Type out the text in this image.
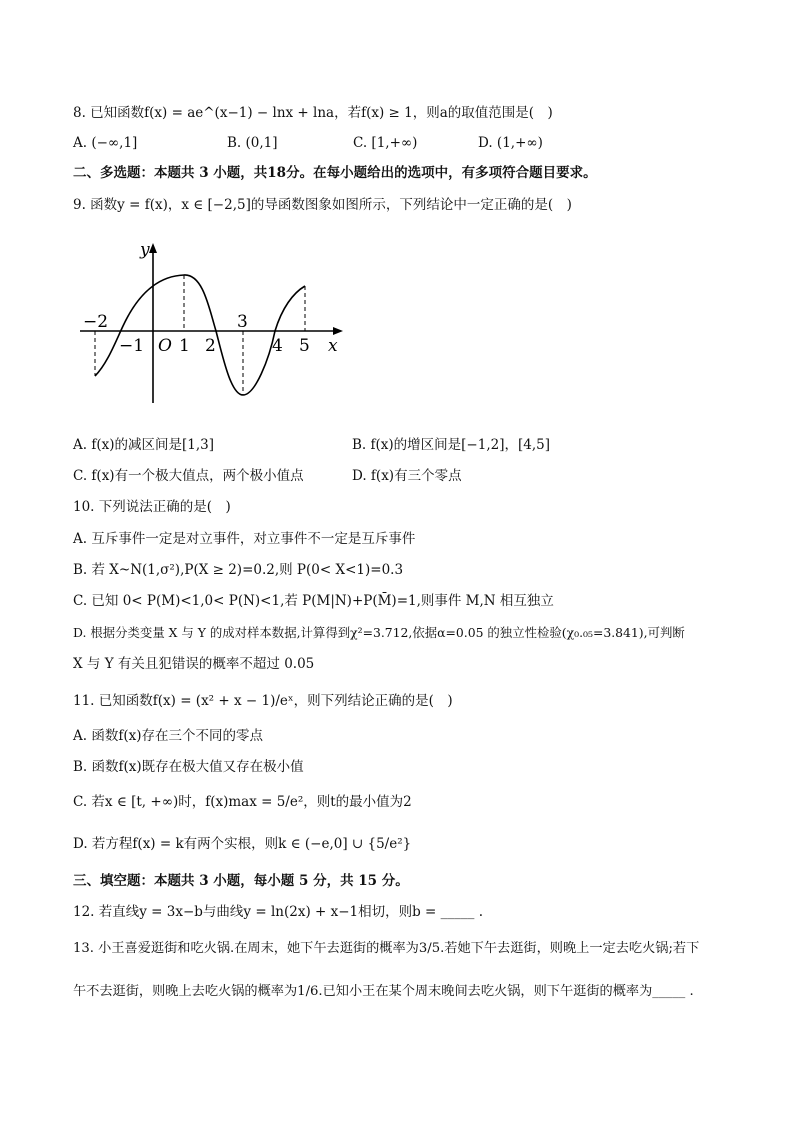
8. 已知函数f(x) = ae^(x−1) − lnx + lna，若f(x) ≥ 1，则a的取值范围是(　)
A. (−∞,1]	B. (0,1]	C. [1,+∞)	D. (1,+∞)
二、多选题：本题共 3 小题，共18分。在每小题给出的选项中，有多项符合题目要求。
9. 函数y = f(x)，x ∈ [−2,5]的导函数图象如图所示，下列结论中一定正确的是(　)
y
x
O
−2
−1 1 2
3
4 5
A. f(x)的减区间是[1,3]	B. f(x)的增区间是[−1,2]，[4,5]
C. f(x)有一个极大值点，两个极小值点	D. f(x)有三个零点
10. 下列说法正确的是(　)
A. 互斥事件一定是对立事件，对立事件不一定是互斥事件
B. 若 X~N(1,σ²),P(X ≥ 2)=0.2,则 P(0< X<1)=0.3
C. 已知 0< P(M)<1,0< P(N)<1,若 P(M|N)+P(M̄)=1,则事件 M,N 相互独立
D. 根据分类变量 X 与 Y 的成对样本数据,计算得到χ²=3.712,依据α=0.05 的独立性检验(χ₀.₀₅=3.841),可判断
X 与 Y 有关且犯错误的概率不超过 0.05
11. 已知函数f(x) = (x² + x − 1)/eˣ，则下列结论正确的是(　)
A. 函数f(x)存在三个不同的零点
B. 函数f(x)既存在极大值又存在极小值
C. 若x ∈ [t, +∞)时，f(x)max = 5/e²，则t的最小值为2
D. 若方程f(x) = k有两个实根，则k ∈ (−e,0] ∪ {5/e²}
三、填空题：本题共 3 小题，每小题 5 分，共 15 分。
12. 若直线y = 3x−b与曲线y = ln(2x) + x−1相切，则b = _____ .
13. 小王喜爱逛街和吃火锅.在周末，她下午去逛街的概率为3/5.若她下午去逛街，则晚上一定去吃火锅;若下
午不去逛街，则晚上去吃火锅的概率为1/6.已知小王在某个周末晚间去吃火锅，则下午逛街的概率为_____ .
